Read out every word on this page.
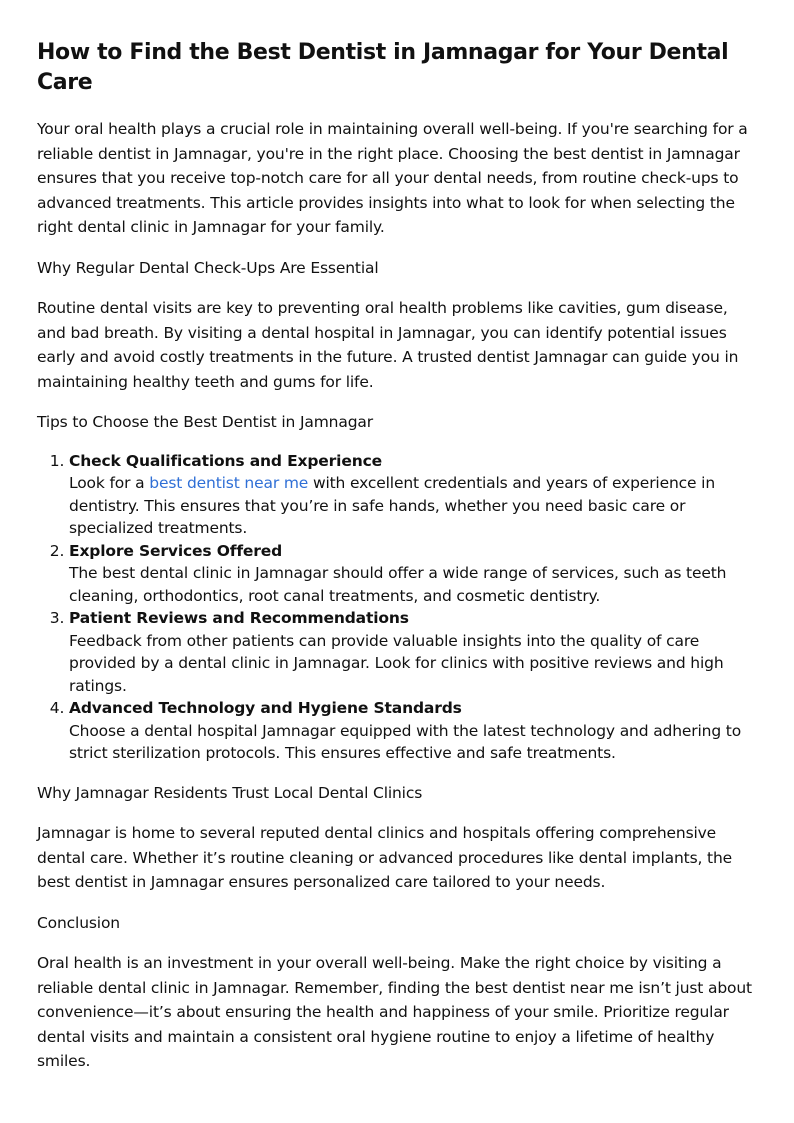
How to Find the Best Dentist in Jamnagar for Your Dental Care

Your oral health plays a crucial role in maintaining overall well-being. If you're searching for a reliable dentist in Jamnagar, you're in the right place. Choosing the best dentist in Jamnagar ensures that you receive top-notch care for all your dental needs, from routine check-ups to advanced treatments. This article provides insights into what to look for when selecting the right dental clinic in Jamnagar for your family.

Why Regular Dental Check-Ups Are Essential

Routine dental visits are key to preventing oral health problems like cavities, gum disease, and bad breath. By visiting a dental hospital in Jamnagar, you can identify potential issues early and avoid costly treatments in the future. A trusted dentist Jamnagar can guide you in maintaining healthy teeth and gums for life.

Tips to Choose the Best Dentist in Jamnagar

1. Check Qualifications and Experience
Look for a best dentist near me with excellent credentials and years of experience in dentistry. This ensures that you’re in safe hands, whether you need basic care or specialized treatments.
2. Explore Services Offered
The best dental clinic in Jamnagar should offer a wide range of services, such as teeth cleaning, orthodontics, root canal treatments, and cosmetic dentistry.
3. Patient Reviews and Recommendations
Feedback from other patients can provide valuable insights into the quality of care provided by a dental clinic in Jamnagar. Look for clinics with positive reviews and high ratings.
4. Advanced Technology and Hygiene Standards
Choose a dental hospital Jamnagar equipped with the latest technology and adhering to strict sterilization protocols. This ensures effective and safe treatments.

Why Jamnagar Residents Trust Local Dental Clinics

Jamnagar is home to several reputed dental clinics and hospitals offering comprehensive dental care. Whether it’s routine cleaning or advanced procedures like dental implants, the best dentist in Jamnagar ensures personalized care tailored to your needs.

Conclusion

Oral health is an investment in your overall well-being. Make the right choice by visiting a reliable dental clinic in Jamnagar. Remember, finding the best dentist near me isn’t just about convenience—it’s about ensuring the health and happiness of your smile. Prioritize regular dental visits and maintain a consistent oral hygiene routine to enjoy a lifetime of healthy smiles.
